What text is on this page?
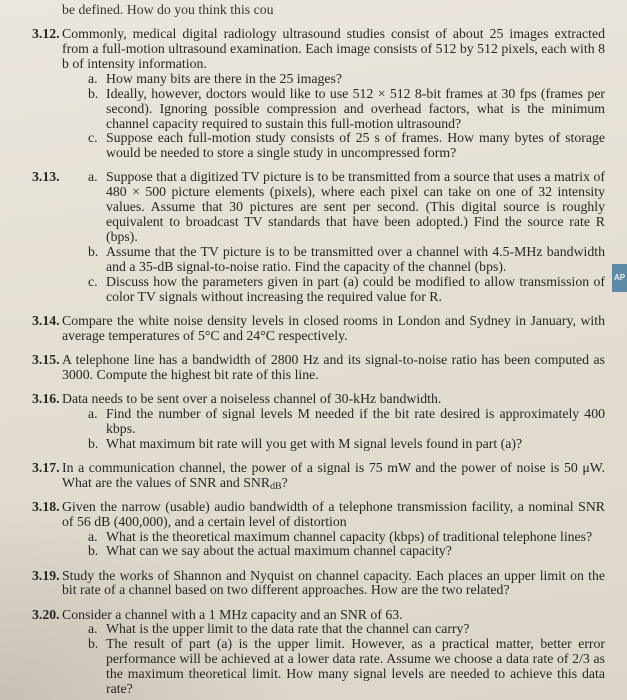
AP

be defined. How do you think this cou

3.12. Commonly, medical digital radiology ultrasound studies consist of about 25 images extracted from a full-motion ultrasound examination. Each image consists of 512 by 512 pixels, each with 8 b of intensity information.

a. How many bits are there in the 25 images?
b. Ideally, however, doctors would like to use 512 × 512 8-bit frames at 30 fps (frames per second). Ignoring possible compression and overhead factors, what is the minimum channel capacity required to sustain this full-motion ultrasound?
c. Suppose each full-motion study consists of 25 s of frames. How many bytes of storage would be needed to store a single study in uncompressed form?
3.13. a. Suppose that a digitized TV picture is to be transmitted from a source that uses a matrix of 480 × 500 picture elements (pixels), where each pixel can take on one of 32 intensity values. Assume that 30 pictures are sent per second. (This digital source is roughly equivalent to broadcast TV standards that have been adopted.) Find the source rate R (bps).
b. Assume that the TV picture is to be transmitted over a channel with 4.5-MHz bandwidth and a 35-dB signal-to-noise ratio. Find the capacity of the channel (bps).
c. Discuss how the parameters given in part (a) could be modified to allow transmission of color TV signals without increasing the required value for R.
3.14. Compare the white noise density levels in closed rooms in London and Sydney in January, with average temperatures of 5°C and 24°C respectively.

3.15. A telephone line has a bandwidth of 2800 Hz and its signal-to-noise ratio has been computed as 3000. Compute the highest bit rate of this line.

3.16. Data needs to be sent over a noiseless channel of 30-kHz bandwidth.

a. Find the number of signal levels M needed if the bit rate desired is approximately 400 kbps.
b. What maximum bit rate will you get with M signal levels found in part (a)?
3.17. In a communication channel, the power of a signal is 75 mW and the power of noise is 50 μW. What are the values of SNR and $SNR_{dB}$?

3.18. Given the narrow (usable) audio bandwidth of a telephone transmission facility, a nominal SNR of 56 dB (400,000), and a certain level of distortion

a. What is the theoretical maximum channel capacity (kbps) of traditional telephone lines?
b. What can we say about the actual maximum channel capacity?
3.19. Study the works of Shannon and Nyquist on channel capacity. Each places an upper limit on the bit rate of a channel based on two different approaches. How are the two related?

3.20. Consider a channel with a 1 MHz capacity and an SNR of 63.

a. What is the upper limit to the data rate that the channel can carry?
b. The result of part (a) is the upper limit. However, as a practical matter, better error performance will be achieved at a lower data rate. Assume we choose a data rate of 2/3 as the maximum theoretical limit. How many signal levels are needed to achieve this data rate?
